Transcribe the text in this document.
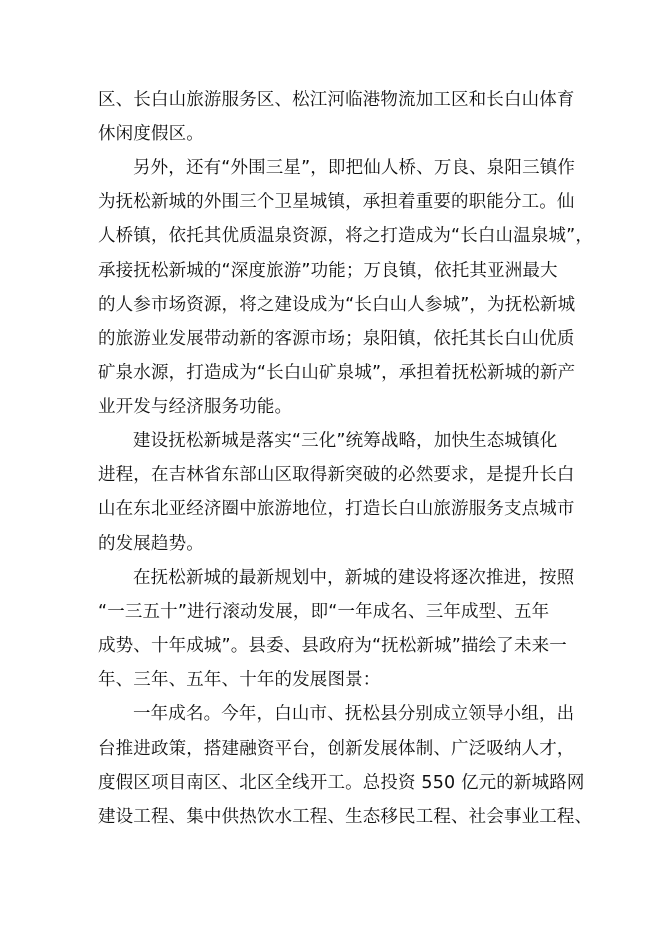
区、长白山旅游服务区、松江河临港物流加工区和长白山体育
休闲度假区。
另外，还有“外围三星”，即把仙人桥、万良、泉阳三镇作
为抚松新城的外围三个卫星城镇，承担着重要的职能分工。仙
人桥镇，依托其优质温泉资源，将之打造成为“长白山温泉城”，
承接抚松新城的“深度旅游”功能；万良镇，依托其亚洲最大
的人参市场资源，将之建设成为“长白山人参城”，为抚松新城
的旅游业发展带动新的客源市场；泉阳镇，依托其长白山优质
矿泉水源，打造成为“长白山矿泉城”，承担着抚松新城的新产
业开发与经济服务功能。
建设抚松新城是落实“三化”统筹战略，加快生态城镇化
进程，在吉林省东部山区取得新突破的必然要求，是提升长白
山在东北亚经济圈中旅游地位，打造长白山旅游服务支点城市
的发展趋势。
在抚松新城的最新规划中，新城的建设将逐次推进，按照
“一三五十”进行滚动发展，即“一年成名、三年成型、五年
成势、十年成城”。县委、县政府为“抚松新城”描绘了未来一
年、三年、五年、十年的发展图景：
一年成名。今年，白山市、抚松县分别成立领导小组，出
台推进政策，搭建融资平台，创新发展体制、广泛吸纳人才，
度假区项目南区、北区全线开工。总投资 550 亿元的新城路网
建设工程、集中供热饮水工程、生态移民工程、社会事业工程、
